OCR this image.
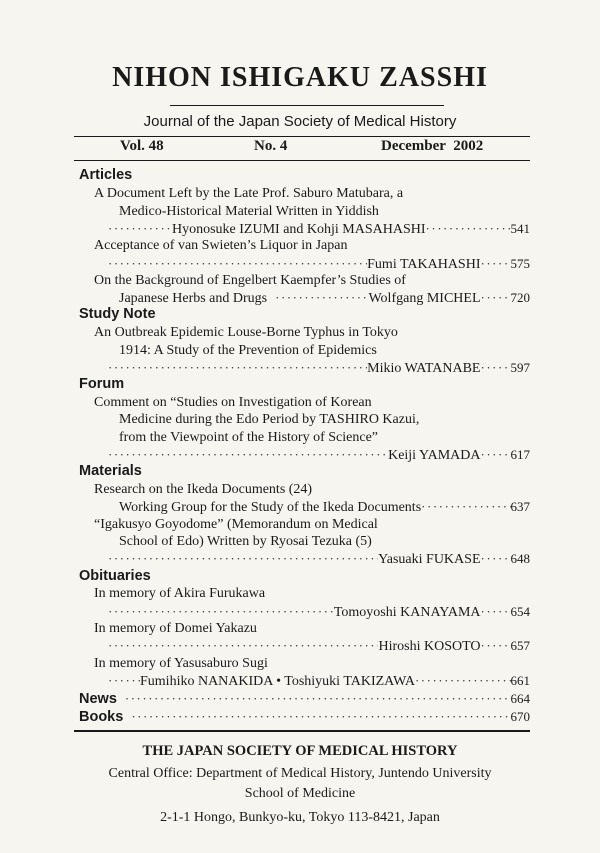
NIHON ISHIGAKU ZASSHI
Journal of the Japan Society of Medical History
Vol. 48	No. 4	December  2002
Articles
A Document Left by the Late Prof. Saburo Matubara, a
Medico-Historical Material Written in Yiddish
·····
Hyonosuke IZUMI and Kohji MASAHASHI ·····	541
Acceptance of van Swieten’s Liquor in Japan
·····
Fumi TAKAHASHI ····· 575
On the Background of Engelbert Kaempfer’s Studies of
Japanese Herbs and Drugs ·····	Wolfgang MICHEL ····· 720
Study Note
An Outbreak Epidemic Louse-Borne Typhus in Tokyo
1914: A Study of the Prevention of Epidemics
·····
Mikio WATANABE ····· 597
Forum
Comment on “Studies on Investigation of Korean
Medicine during the Edo Period by TASHIRO Kazui,
from the Viewpoint of the History of Science”
·····
Keiji YAMADA ····· 617
Materials
Research on the Ikeda Documents (24)
Working Group for the Study of the Ikeda Documents ·····	637
“Igakusyo Goyodome” (Memorandum on Medical
School of Edo) Written by Ryosai Tezuka (5)
·····
Yasuaki FUKASE ····· 648
Obituaries
In memory of Akira Furukawa
·····
Tomoyoshi KANAYAMA ····· 654
In memory of Domei Yakazu
·····
Hiroshi KOSOTO ····· 657
In memory of Yasusaburo Sugi
·····
Fumihiko NANAKIDA • Toshiyuki TAKIZAWA ·····	661
News ·····	664
Books ·····	670
THE JAPAN SOCIETY OF MEDICAL HISTORY
Central Office: Department of Medical History, Juntendo University
School of Medicine
2-1-1 Hongo, Bunkyo-ku, Tokyo 113-8421, Japan
